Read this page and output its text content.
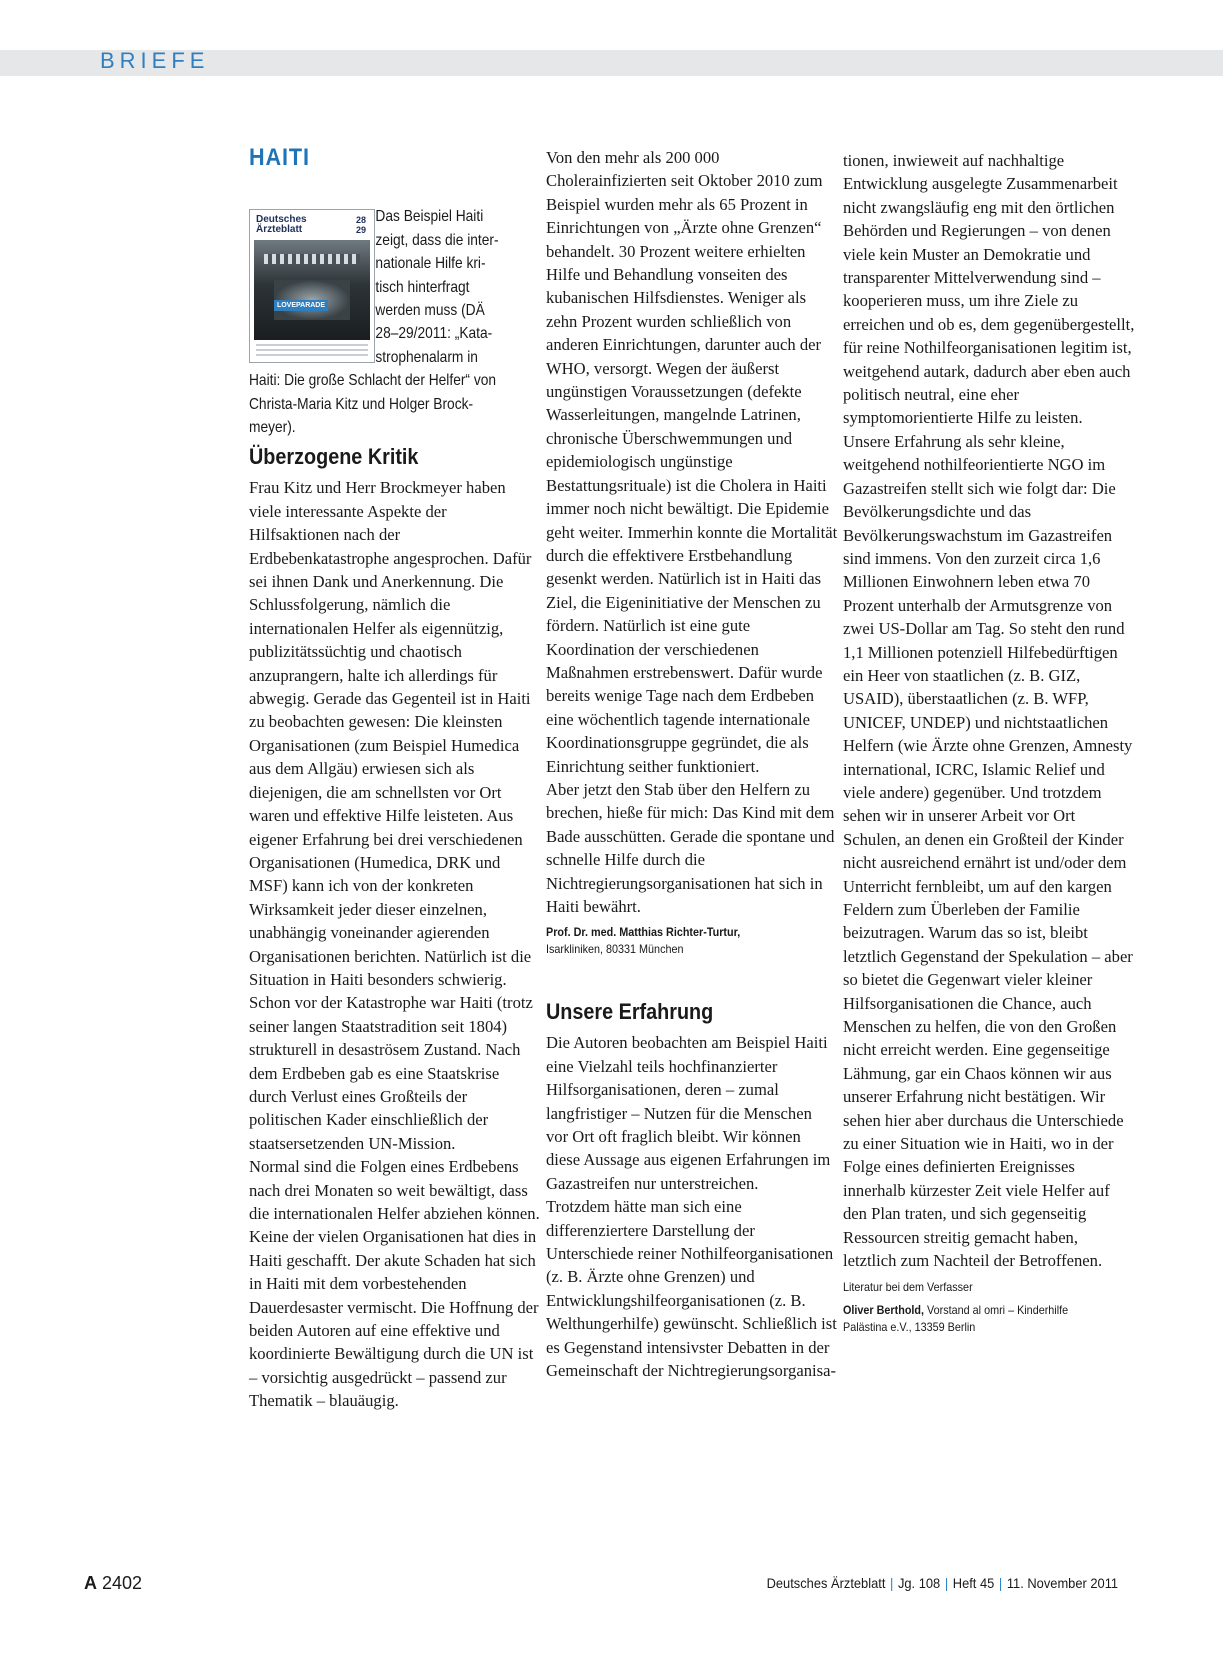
BRIEFE
HAITI
Deutsches
Ärzteblatt
28
29
LOVEPARADE
Das Beispiel Haiti
zeigt, dass die inter-
nationale Hilfe kri-
tisch hinterfragt
werden muss (DÄ
28–29/2011: „Kata-
strophenalarm in
Haiti: Die große Schlacht der Helfer“ von
Christa-Maria Kitz und Holger Brock-
meyer).
Überzogene Kritik

Frau Kitz und Herr Brockmeyer haben viele interessante Aspekte der Hilfsaktionen nach der Erdbebenkatastrophe angesprochen. Dafür sei ihnen Dank und Anerkennung. Die Schlussfolgerung, nämlich die internationalen Helfer als eigennützig, publizitätssüchtig und chaotisch anzuprangern, halte ich allerdings für abwegig. Gerade das Gegenteil ist in Haiti zu beobachten gewesen: Die kleinsten Organisationen (zum Beispiel Humedica aus dem Allgäu) erwiesen sich als diejenigen, die am schnellsten vor Ort waren und effektive Hilfe leisteten. Aus eigener Erfahrung bei drei verschiedenen Organisationen (Humedica, DRK und MSF) kann ich von der konkreten Wirksamkeit jeder dieser einzelnen, unabhängig voneinander agierenden Organisationen berichten. Natürlich ist die Situation in Haiti besonders schwierig. Schon vor der Katastrophe war Haiti (trotz seiner langen Staatstradition seit 1804) strukturell in desaströsem Zustand. Nach dem Erdbeben gab es eine Staatskrise durch Verlust eines Großteils der politischen Kader einschließlich der staatsersetzenden UN-Mission.

Normal sind die Folgen eines Erdbebens nach drei Monaten so weit bewältigt, dass die internationalen Helfer abziehen können. Keine der vielen Organisationen hat dies in Haiti geschafft. Der akute Schaden hat sich in Haiti mit dem vorbestehenden Dauerdesaster vermischt. Die Hoffnung der beiden Autoren auf eine effektive und koordinierte Bewältigung durch die UN ist – vorsichtig ausgedrückt – passend zur Thematik – blauäugig.

Von den mehr als 200 000 Cholerainfizierten seit Oktober 2010 zum Beispiel wurden mehr als 65 Prozent in Einrichtungen von „Ärzte ohne Grenzen“ behandelt. 30 Prozent weitere erhielten Hilfe und Behandlung vonseiten des kubanischen Hilfsdienstes. Weniger als zehn Prozent wurden schließlich von anderen Einrichtungen, darunter auch der WHO, versorgt. Wegen der äußerst ungünstigen Voraussetzungen (defekte Wasserleitungen, mangelnde Latrinen, chronische Überschwemmungen und epidemiologisch ungünstige Bestattungsrituale) ist die Cholera in Haiti immer noch nicht bewältigt. Die Epidemie geht weiter. Immerhin konnte die Mortalität durch die effektivere Erstbehandlung gesenkt werden. Natürlich ist in Haiti das Ziel, die Eigeninitiative der Menschen zu fördern. Natürlich ist eine gute Koordination der verschiedenen Maßnahmen erstrebenswert. Dafür wurde bereits wenige Tage nach dem Erdbeben eine wöchentlich tagende internationale Koordinationsgruppe gegründet, die als Einrichtung seither funktioniert.

Aber jetzt den Stab über den Helfern zu brechen, hieße für mich: Das Kind mit dem Bade ausschütten. Gerade die spontane und schnelle Hilfe durch die Nichtregierungsorganisationen hat sich in Haiti bewährt.

Prof. Dr. med. Matthias Richter-Turtur,
Isarkliniken, 80331 München
Unsere Erfahrung

Die Autoren beobachten am Beispiel Haiti eine Vielzahl teils hochfinanzierter Hilfsorganisationen, deren – zumal langfristiger – Nutzen für die Menschen vor Ort oft fraglich bleibt. Wir können diese Aussage aus eigenen Erfahrungen im Gazastreifen nur unterstreichen.

Trotzdem hätte man sich eine differenziertere Darstellung der Unterschiede reiner Nothilfeorganisationen (z. B. Ärzte ohne Grenzen) und Entwicklungshilfeorganisationen (z. B. Welthungerhilfe) gewünscht. Schließlich ist es Gegenstand intensivster Debatten in der Gemeinschaft der Nichtregierungsorganisa-

tionen, inwieweit auf nachhaltige Entwicklung ausgelegte Zusammenarbeit nicht zwangsläufig eng mit den örtlichen Behörden und Regierungen – von denen viele kein Muster an Demokratie und transparenter Mittelverwendung sind – kooperieren muss, um ihre Ziele zu erreichen und ob es, dem gegenübergestellt, für reine Nothilfeorganisationen legitim ist, weitgehend autark, dadurch aber eben auch politisch neutral, eine eher symptomorientierte Hilfe zu leisten.

Unsere Erfahrung als sehr kleine, weitgehend nothilfeorientierte NGO im Gazastreifen stellt sich wie folgt dar: Die Bevölkerungsdichte und das Bevölkerungswachstum im Gazastreifen sind immens. Von den zurzeit circa 1,6 Millionen Einwohnern leben etwa 70 Prozent unterhalb der Armutsgrenze von zwei US-Dollar am Tag. So steht den rund 1,1 Millionen potenziell Hilfebedürftigen ein Heer von staatlichen (z. B. GIZ, USAID), überstaatlichen (z. B. WFP, UNICEF, UNDEP) und nichtstaatlichen Helfern (wie Ärzte ohne Grenzen, Amnesty international, ICRC, Islamic Relief und viele andere) gegenüber. Und trotzdem sehen wir in unserer Arbeit vor Ort Schulen, an denen ein Großteil der Kinder nicht ausreichend ernährt ist und/oder dem Unterricht fernbleibt, um auf den kargen Feldern zum Überleben der Familie beizutragen. Warum das so ist, bleibt letztlich Gegenstand der Spekulation – aber so bietet die Gegenwart vieler kleiner Hilfsorganisationen die Chance, auch Menschen zu helfen, die von den Großen nicht erreicht werden. Eine gegenseitige Lähmung, gar ein Chaos können wir aus unserer Erfahrung nicht bestätigen. Wir sehen hier aber durchaus die Unterschiede zu einer Situation wie in Haiti, wo in der Folge eines definierten Ereignisses innerhalb kürzester Zeit viele Helfer auf den Plan traten, und sich gegenseitig Ressourcen streitig gemacht haben, letztlich zum Nachteil der Betroffenen.

Literatur bei dem Verfasser
Oliver Berthold, Vorstand al omri – Kinderhilfe
Palästina e.V., 13359 Berlin
A 2402	Deutsches Ärzteblatt | Jg. 108 | Heft 45 | 11. November 2011
